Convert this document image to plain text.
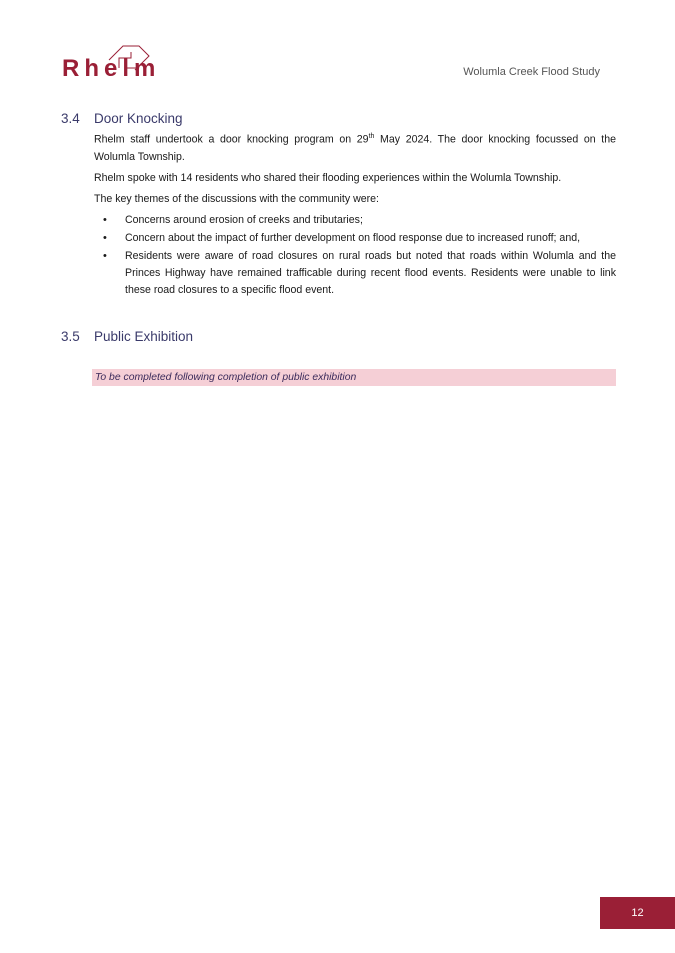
Rhelm	Wolumla Creek Flood Study
3.4 Door Knocking

Rhelm staff undertook a door knocking program on 29th May 2024. The door knocking focussed on the Wolumla Township.

Rhelm spoke with 14 residents who shared their flooding experiences within the Wolumla Township.

The key themes of the discussions with the community were:

• Concerns around erosion of creeks and tributaries;
• Concern about the impact of further development on flood response due to increased runoff; and,
• Residents were aware of road closures on rural roads but noted that roads within Wolumla and the Princes Highway have remained trafficable during recent flood events. Residents were unable to link these road closures to a specific flood event.
3.5 Public Exhibition
To be completed following completion of public exhibition
12
